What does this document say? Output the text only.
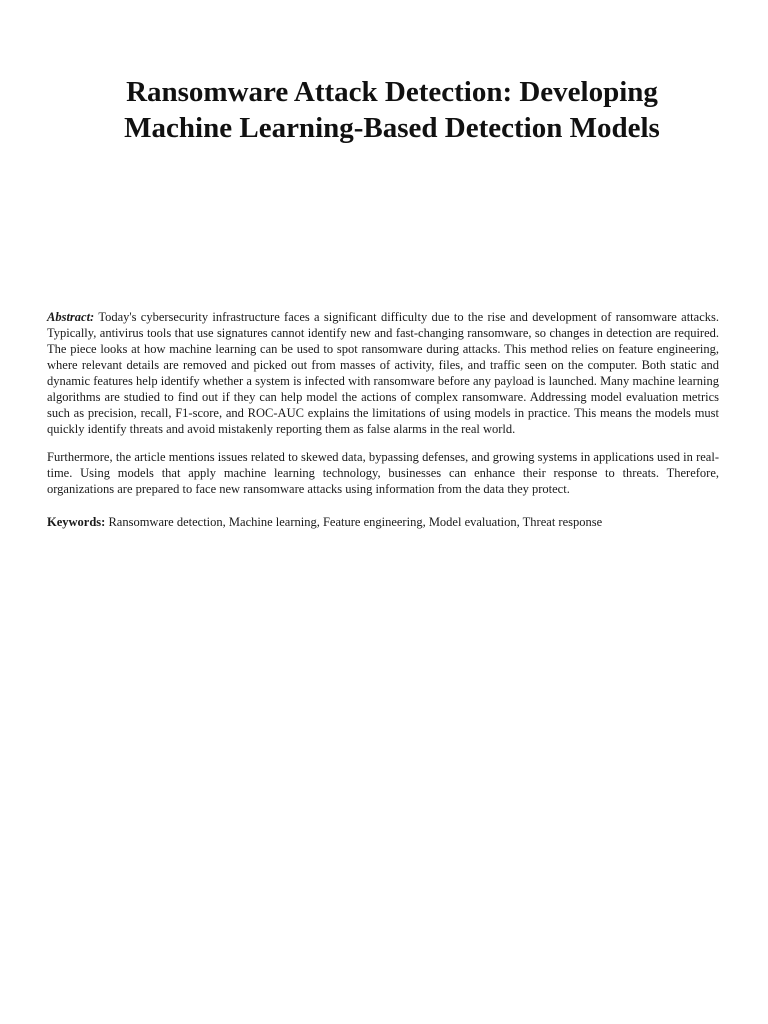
Ransomware Attack Detection: Developing
Machine Learning-Based Detection Models

Abstract: Today's cybersecurity infrastructure faces a significant difficulty due to the rise and development of ransomware attacks. Typically, antivirus tools that use signatures cannot identify new and fast-changing ransomware, so changes in detection are required. The piece looks at how machine learning can be used to spot ransomware during attacks. This method relies on feature engineering, where relevant details are removed and picked out from masses of activity, files, and traffic seen on the computer. Both static and dynamic features help identify whether a system is infected with ransomware before any payload is launched. Many machine learning algorithms are studied to find out if they can help model the actions of complex ransomware. Addressing model evaluation metrics such as precision, recall, F1-score, and ROC-AUC explains the limitations of using models in practice. This means the models must quickly identify threats and avoid mistakenly reporting them as false alarms in the real world.

Furthermore, the article mentions issues related to skewed data, bypassing defenses, and growing systems in applications used in real-time. Using models that apply machine learning technology, businesses can enhance their response to threats. Therefore, organizations are prepared to face new ransomware attacks using information from the data they protect.

Keywords: Ransomware detection, Machine learning, Feature engineering, Model evaluation, Threat response
